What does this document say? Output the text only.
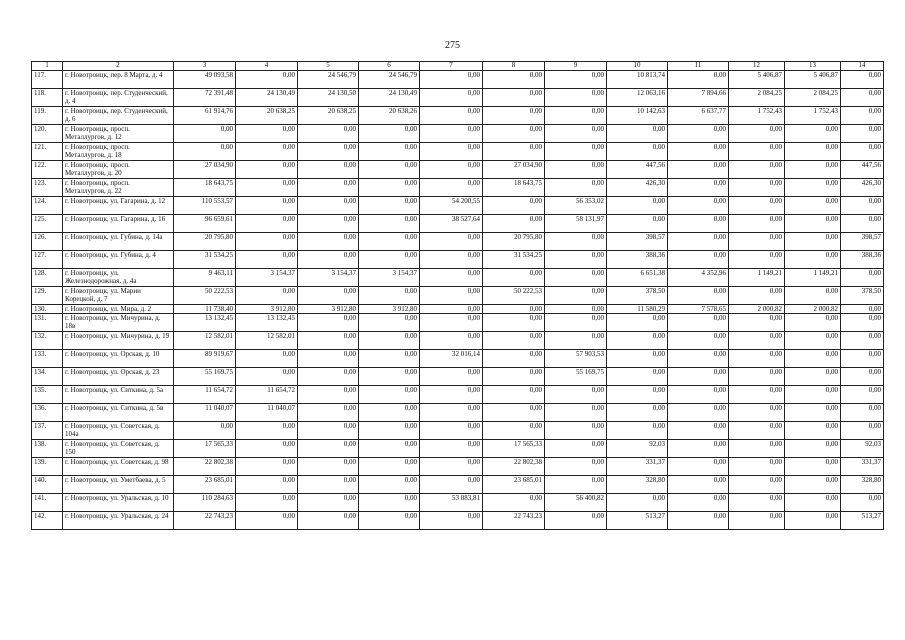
275
1	2	3	4	5	6	7	8	9	10	11	12	13	14
117.	г. Новотроицк, пер. 8 Марта, д. 4	49 093,58	0,00	24 546,79	24 546,79	0,00	0,00	0,00	10 813,74	0,00	5 406,87	5 406,87	0,00
118.	г. Новотроицк, пер. Студенческий, д. 4	72 391,48	24 130,49	24 130,50	24 130,49	0,00	0,00	0,00	12 063,16	7 894,66	2 084,25	2 084,25	0,00
119.	г. Новотроицк, пер. Студенческий, д. 6	61 914,76	20 638,25	20 638,25	20 638,26	0,00	0,00	0,00	10 142,63	6 637,77	1 752,43	1 752,43	0,00
120.	г. Новотроицк, просп. Металлургов, д. 12	0,00	0,00	0,00	0,00	0,00	0,00	0,00	0,00	0,00	0,00	0,00	0,00
121.	г. Новотроицк, просп. Металлургов, д. 18	0,00	0,00	0,00	0,00	0,00	0,00	0,00	0,00	0,00	0,00	0,00	0,00
122.	г. Новотроицк, просп. Металлургов, д. 20	27 034,90	0,00	0,00	0,00	0,00	27 034,90	0,00	447,56	0,00	0,00	0,00	447,56
123.	г. Новотроицк, просп. Металлургов, д. 22	18 643,75	0,00	0,00	0,00	0,00	18 643,75	0,00	426,30	0,00	0,00	0,00	426,30
124.	г. Новотроицк, ул. Гагарина, д. 12	110 553,57	0,00	0,00	0,00	54 200,55	0,00	56 353,02	0,00	0,00	0,00	0,00	0,00
125.	г. Новотроицк, ул. Гагарина, д. 16	96 659,61	0,00	0,00	0,00	38 527,64	0,00	58 131,97	0,00	0,00	0,00	0,00	0,00
126.	г. Новотроицк, ул. Губина, д. 14а	20 795,80	0,00	0,00	0,00	0,00	20 795,80	0,00	398,57	0,00	0,00	0,00	398,57
127.	г. Новотроицк, ул. Губина, д. 4	31 534,25	0,00	0,00	0,00	0,00	31 534,25	0,00	388,36	0,00	0,00	0,00	388,36
128.	г. Новотроицк, ул. Железнодорожная, д. 4а	9 463,11	3 154,37	3 154,37	3 154,37	0,00	0,00	0,00	6 651,38	4 352,96	1 149,21	1 149,21	0,00
129.	г. Новотроицк, ул. Марии Корецкой, д. 7	50 222,53	0,00	0,00	0,00	0,00	50 222,53	0,00	378,50	0,00	0,00	0,00	378,50
130.	г. Новотроицк, ул. Мира, д. 2	11 738,40	3 912,80	3 912,80	3 912,80	0,00	0,00	0,00	11 580,29	7 578,65	2 000,82	2 000,82	0,00
131.	г. Новотроицк, ул. Мичурина, д. 18в	13 132,45	13 132,45	0,00	0,00	0,00	0,00	0,00	0,00	0,00	0,00	0,00	0,00
132.	г. Новотроицк, ул. Мичурина, д. 19	12 582,01	12 582,01	0,00	0,00	0,00	0,00	0,00	0,00	0,00	0,00	0,00	0,00
133.	г. Новотроицк, ул. Орская, д. 10	89 919,67	0,00	0,00	0,00	32 016,14	0,00	57 903,53	0,00	0,00	0,00	0,00	0,00
134.	г. Новотроицк, ул. Орская, д. 23	55 169,75	0,00	0,00	0,00	0,00	0,00	55 169,75	0,00	0,00	0,00	0,00	0,00
135.	г. Новотроицк, ул. Ситкина, д. 5а	11 654,72	11 654,72	0,00	0,00	0,00	0,00	0,00	0,00	0,00	0,00	0,00	0,00
136.	г. Новотроицк, ул. Ситкина, д. 5в	11 040,07	11 040,07	0,00	0,00	0,00	0,00	0,00	0,00	0,00	0,00	0,00	0,00
137.	г. Новотроицк, ул. Советская, д. 104а	0,00	0,00	0,00	0,00	0,00	0,00	0,00	0,00	0,00	0,00	0,00	0,00
138.	г. Новотроицк, ул. Советская, д. 150	17 565,33	0,00	0,00	0,00	0,00	17 565,33	0,00	92,03	0,00	0,00	0,00	92,03
139.	г. Новотроицк, ул. Советская, д. 98	22 802,38	0,00	0,00	0,00	0,00	22 802,38	0,00	331,37	0,00	0,00	0,00	331,37
140.	г. Новотроицк, ул. Уметбаева, д. 5	23 685,01	0,00	0,00	0,00	0,00	23 685,01	0,00	328,80	0,00	0,00	0,00	328,80
141.	г. Новотроицк, ул. Уральская, д. 10	110 284,63	0,00	0,00	0,00	53 883,81	0,00	56 400,82	0,00	0,00	0,00	0,00	0,00
142.	г. Новотроицк, ул. Уральская, д. 24	22 743,23	0,00	0,00	0,00	0,00	22 743,23	0,00	513,27	0,00	0,00	0,00	513,27
